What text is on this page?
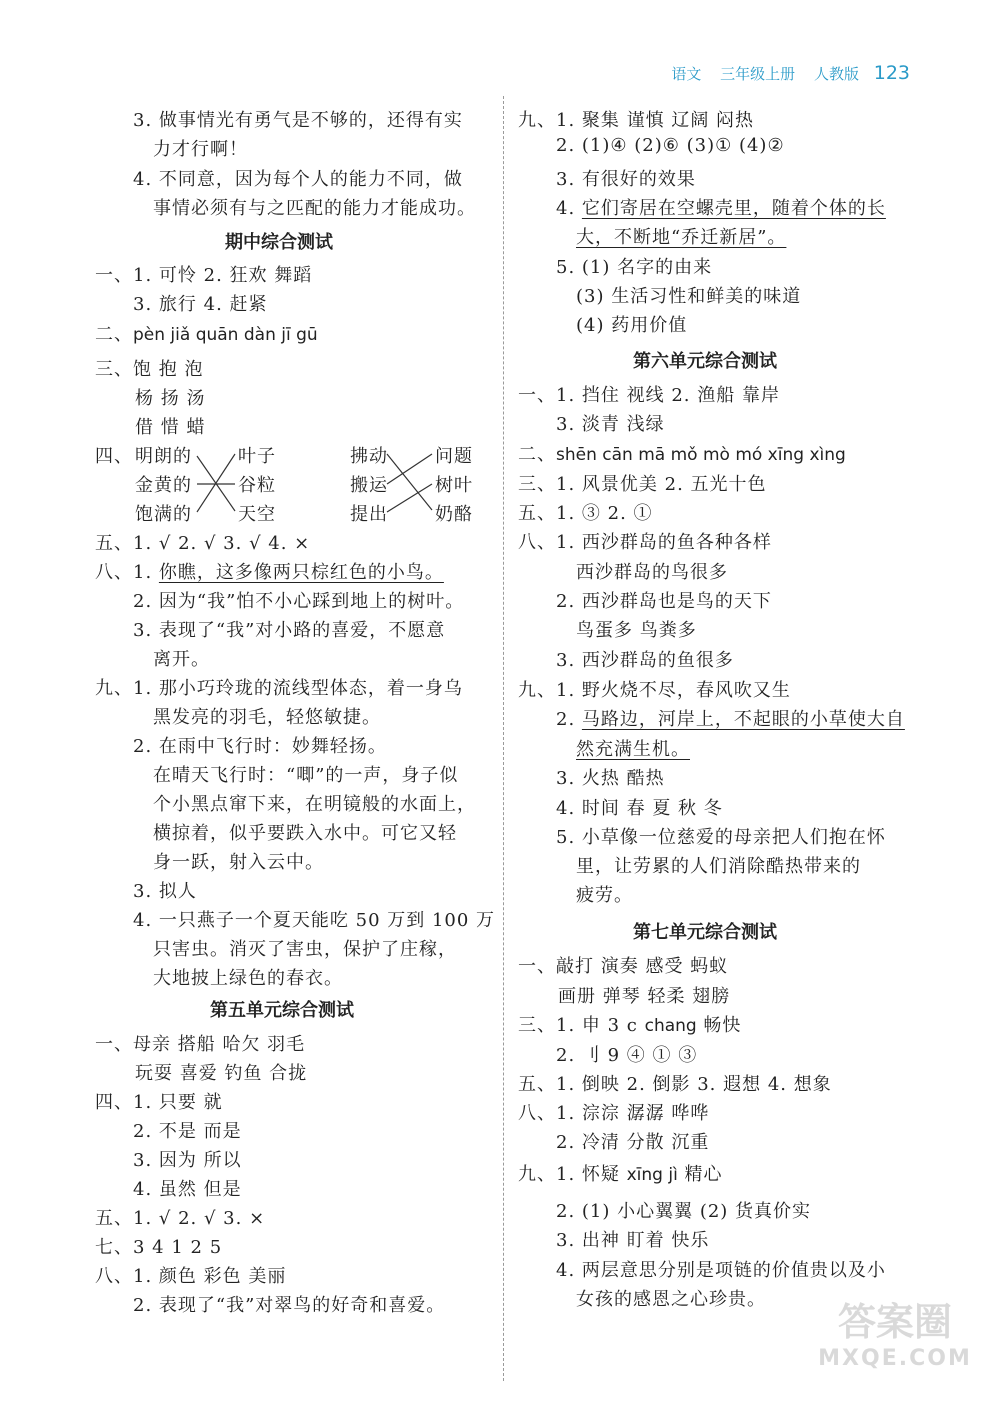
语文 三年级上册 人教版 123
3. 做事情光有勇气是不够的，还得有实
力才行啊！
4. 不同意，因为每个人的能力不同，做
事情必须有与之匹配的能力才能成功。
期中综合测试
一、1. 可怜 2. 狂欢 舞蹈
3. 旅行 4. 赶紧
二、pèn jiǎ quān dàn jī gū
三、饱 抱 泡
杨 扬 汤
借 惜 蜡
四、 明朗的
金黄的
饱满的
叶子
谷粒
天空
拂动
搬运
提出
问题
树叶
奶酪
五、1. √ 2. √ 3. √ 4. ×
八、1. 你瞧，这多像两只棕红色的小鸟。
2. 因为“我”怕不小心踩到地上的树叶。
3. 表现了“我”对小路的喜爱，不愿意
离开。
九、1. 那小巧玲珑的流线型体态，着一身乌
黑发亮的羽毛，轻悠敏捷。
2. 在雨中飞行时：妙舞轻扬。
在晴天飞行时：“唧”的一声，身子似
个小黑点窜下来，在明镜般的水面上，
横掠着，似乎要跌入水中。可它又轻
身一跃，射入云中。
3. 拟人
4. 一只燕子一个夏天能吃 50 万到 100 万
只害虫。消灭了害虫，保护了庄稼，
大地披上绿色的春衣。
第五单元综合测试
一、母亲 搭船 哈欠 羽毛
玩耍 喜爱 钓鱼 合拢
四、1. 只要 就
2. 不是 而是
3. 因为 所以
4. 虽然 但是
五、1. √ 2. √ 3. ×
七、3 4 1 2 5
八、1. 颜色 彩色 美丽
2. 表现了“我”对翠鸟的好奇和喜爱。
九、1. 聚集 谨慎 辽阔 闷热
2. (1)④ (2)⑥ (3)① (4)②
3. 有很好的效果
4. 它们寄居在空螺壳里，随着个体的长
大，不断地“乔迁新居”。
5. (1) 名字的由来
(3) 生活习性和鲜美的味道
(4) 药用价值
第六单元综合测试
一、1. 挡住 视线 2. 渔船 靠岸
3. 淡青 浅绿
二、shēn cān mā mǒ mò mó xīng xìng
三、1. 风景优美 2. 五光十色
五、1. ③ 2. ①
八、1. 西沙群岛的鱼各种各样
西沙群岛的鸟很多
2. 西沙群岛也是鸟的天下
鸟蛋多 鸟粪多
3. 西沙群岛的鱼很多
九、1. 野火烧不尽，春风吹又生
2. 马路边，河岸上，不起眼的小草使大自
然充满生机。
3. 火热 酷热
4. 时间 春 夏 秋 冬
5. 小草像一位慈爱的母亲把人们抱在怀
里，让劳累的人们消除酷热带来的
疲劳。
第七单元综合测试
一、敲打 演奏 感受 蚂蚁
画册 弹琴 轻柔 翅膀
三、1. 申 3 c chang 畅快
2. 刂 9 ④ ① ③
五、1. 倒映 2. 倒影 3. 遐想 4. 想象
八、1. 淙淙 潺潺 哗哗
2. 冷清 分散 沉重
九、1. 怀疑 xīng jì 精心
2. (1) 小心翼翼 (2) 货真价实
3. 出神 盯着 快乐
4. 两层意思分别是项链的价值贵以及小
女孩的感恩之心珍贵。
答案圈
MXQE.COM
